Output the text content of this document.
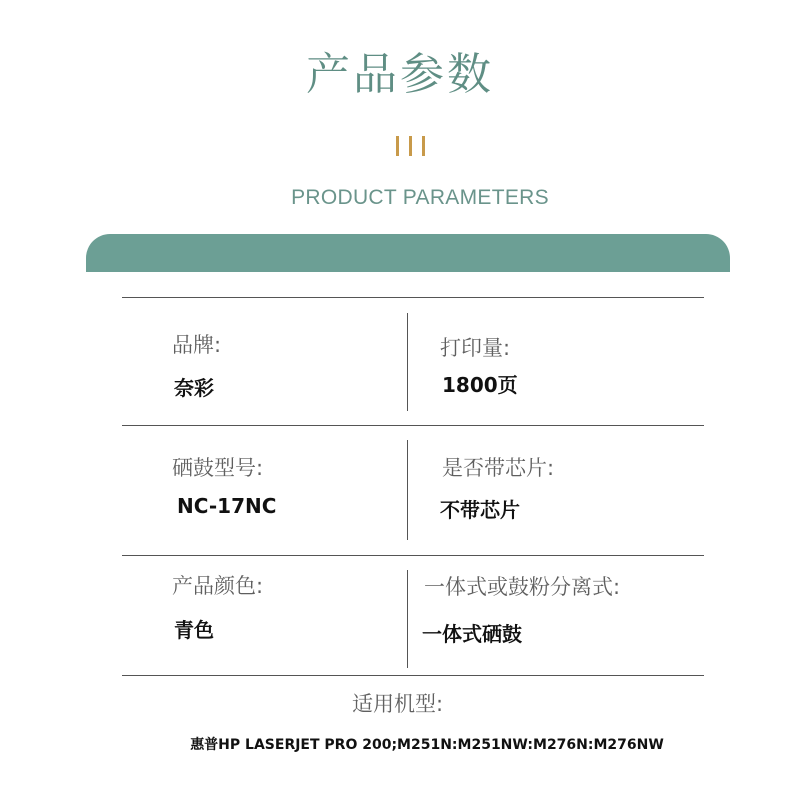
产品参数
PRODUCT PARAMETERS
品牌:
奈彩
打印量:
1800页
硒鼓型号:
NC-17NC
是否带芯片:
不带芯片
产品颜色:
青色
一体式或鼓粉分离式:
一体式硒鼓
适用机型:
惠普HP LASERJET PRO 200;M251N:M251NW:M276N:M276NW
